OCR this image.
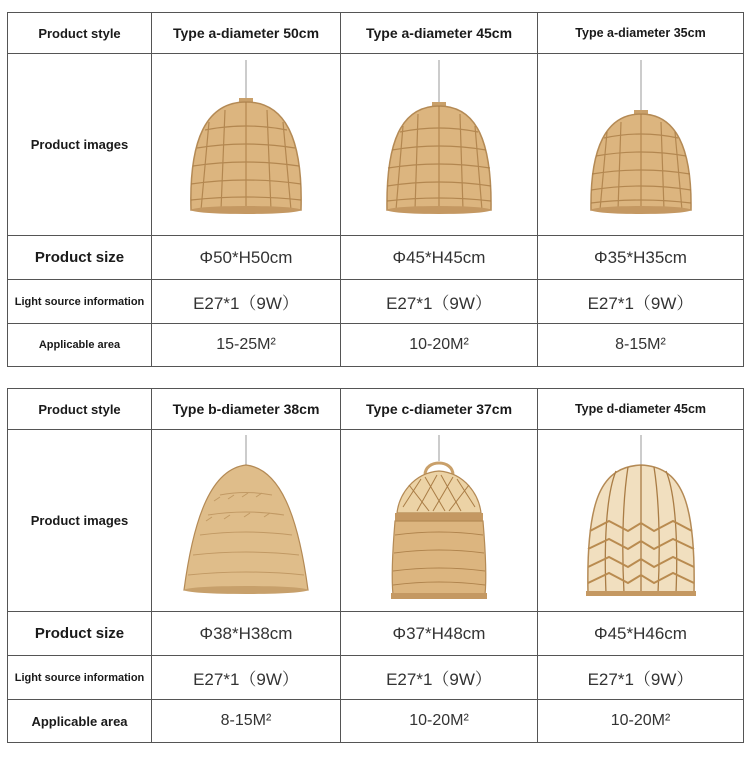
Product style	Type a-diameter 50cm	Type a-diameter 45cm	Type a-diameter 35cm
Product images	

Product size	Φ50*H50cm	Φ45*H45cm	Φ35*H35cm
Light source information	E27*1（9W）	E27*1（9W）	E27*1（9W）
Applicable area	15-25M²	10-20M²	8-15M²
Product style	Type b-diameter 38cm	Type c-diameter 37cm	Type d-diameter 45cm
Product images	

Product size	Φ38*H38cm	Φ37*H48cm	Φ45*H46cm
Light source information	E27*1（9W）	E27*1（9W）	E27*1（9W）
Applicable area	8-15M²	10-20M²	10-20M²
